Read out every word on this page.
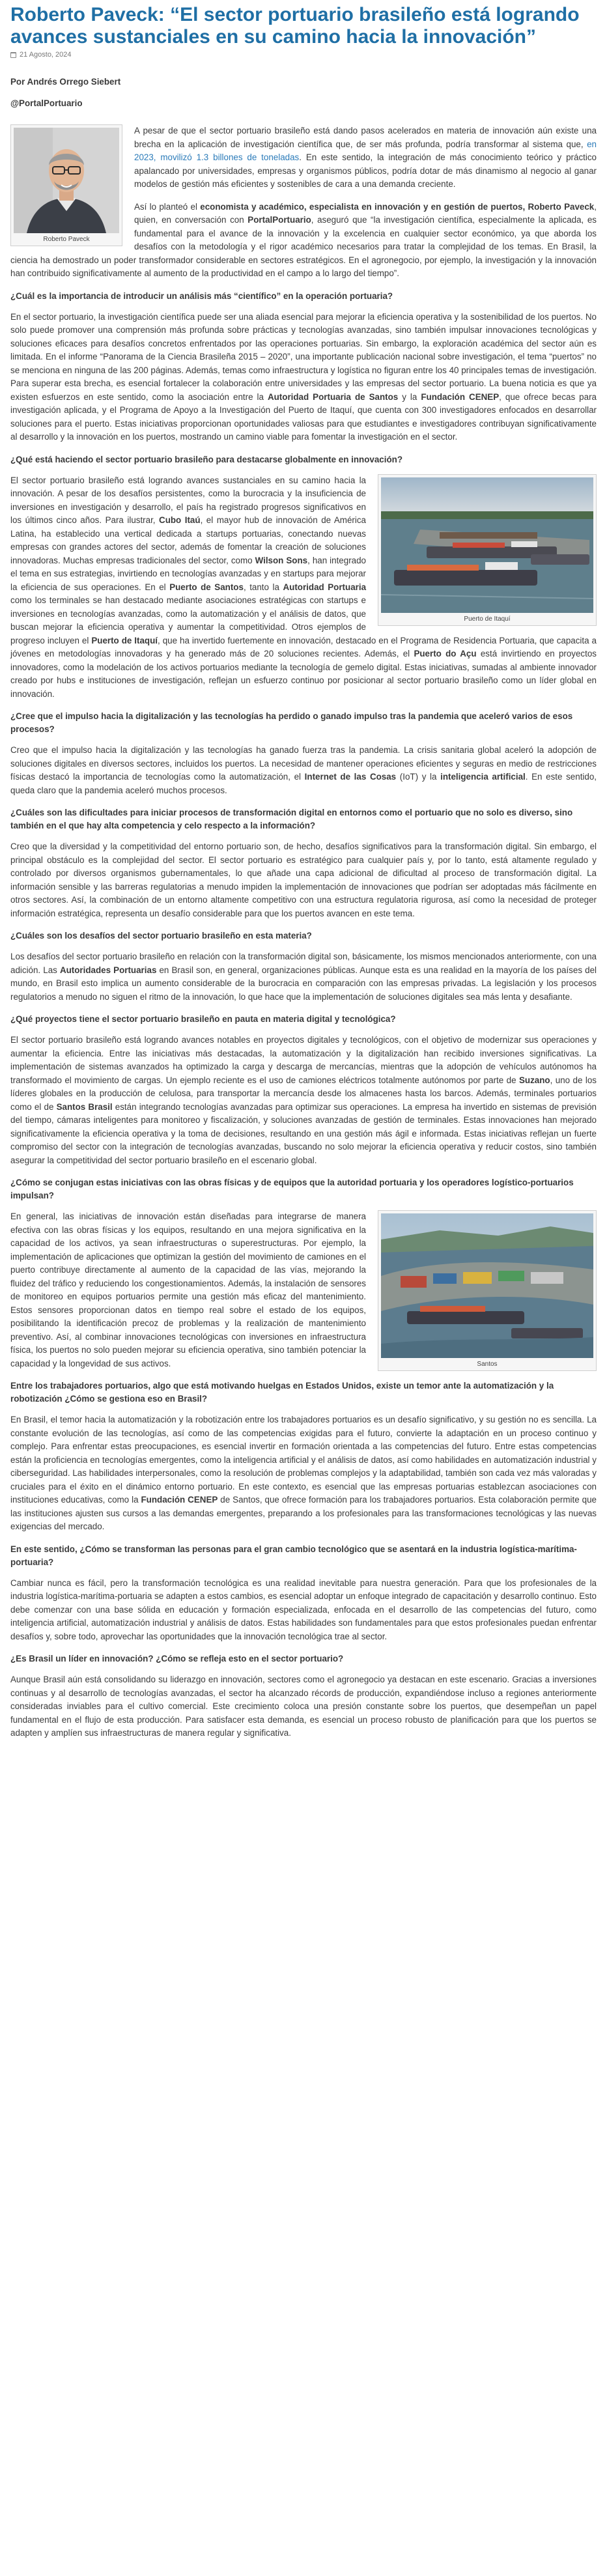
Roberto Paveck: “El sector portuario brasileño está logrando avances sustanciales en su camino hacia la innovación”
21 Agosto, 2024

Por Andrés Orrego Siebert

@PortalPortuario

Roberto Paveck

A pesar de que el sector portuario brasileño está dando pasos acelerados en materia de innovación aún existe una brecha en la aplicación de investigación científica que, de ser más profunda, podría transformar al sistema que, en 2023, movilizó 1.3 billones de toneladas. En este sentido, la integración de más conocimiento teórico y práctico apalancado por universidades, empresas y organismos públicos, podría dotar de más dinamismo al negocio al ganar modelos de gestión más eficientes y sostenibles de cara a una demanda creciente.

Así lo planteó el economista y académico, especialista en innovación y en gestión de puertos, Roberto Paveck, quien, en conversación con PortalPortuario, aseguró que “la investigación científica, especialmente la aplicada, es fundamental para el avance de la innovación y la excelencia en cualquier sector económico, ya que aborda los desafíos con la metodología y el rigor académico necesarios para tratar la complejidad de los temas. En Brasil, la ciencia ha demostrado un poder transformador considerable en sectores estratégicos. En el agronegocio, por ejemplo, la investigación y la innovación han contribuido significativamente al aumento de la productividad en el campo a lo largo del tiempo”.

¿Cuál es la importancia de introducir un análisis más “científico” en la operación portuaria?

En el sector portuario, la investigación científica puede ser una aliada esencial para mejorar la eficiencia operativa y la sostenibilidad de los puertos. No solo puede promover una comprensión más profunda sobre prácticas y tecnologías avanzadas, sino también impulsar innovaciones tecnológicas y soluciones eficaces para desafíos concretos enfrentados por las operaciones portuarias. Sin embargo, la exploración académica del sector aún es limitada. En el informe “Panorama de la Ciencia Brasileña 2015 – 2020”, una importante publicación nacional sobre investigación, el tema “puertos” no se menciona en ninguna de las 200 páginas. Además, temas como infraestructura y logística no figuran entre los 40 principales temas de investigación. Para superar esta brecha, es esencial fortalecer la colaboración entre universidades y las empresas del sector portuario. La buena noticia es que ya existen esfuerzos en este sentido, como la asociación entre la Autoridad Portuaria de Santos y la Fundación CENEP, que ofrece becas para investigación aplicada, y el Programa de Apoyo a la Investigación del Puerto de Itaquí, que cuenta con 300 investigadores enfocados en desarrollar soluciones para el puerto. Estas iniciativas proporcionan oportunidades valiosas para que estudiantes e investigadores contribuyan significativamente al desarrollo y la innovación en los puertos, mostrando un camino viable para fomentar la investigación en el sector.

¿Qué está haciendo el sector portuario brasileño para destacarse globalmente en innovación?
Puerto de Itaquí

El sector portuario brasileño está logrando avances sustanciales en su camino hacia la innovación. A pesar de los desafíos persistentes, como la burocracia y la insuficiencia de inversiones en investigación y desarrollo, el país ha registrado progresos significativos en los últimos cinco años. Para ilustrar, Cubo Itaú, el mayor hub de innovación de América Latina, ha establecido una vertical dedicada a startups portuarias, conectando nuevas empresas con grandes actores del sector, además de fomentar la creación de soluciones innovadoras. Muchas empresas tradicionales del sector, como Wilson Sons, han integrado el tema en sus estrategias, invirtiendo en tecnologías avanzadas y en startups para mejorar la eficiencia de sus operaciones. En el Puerto de Santos, tanto la Autoridad Portuaria como los terminales se han destacado mediante asociaciones estratégicas con startups e inversiones en tecnologías avanzadas, como la automatización y el análisis de datos, que buscan mejorar la eficiencia operativa y aumentar la competitividad. Otros ejemplos de progreso incluyen el Puerto de Itaquí, que ha invertido fuertemente en innovación, destacado en el Programa de Residencia Portuaria, que capacita a jóvenes en metodologías innovadoras y ha generado más de 20 soluciones recientes. Además, el Puerto do Açu está invirtiendo en proyectos innovadores, como la modelación de los activos portuarios mediante la tecnología de gemelo digital. Estas iniciativas, sumadas al ambiente innovador creado por hubs e instituciones de investigación, reflejan un esfuerzo continuo por posicionar al sector portuario brasileño como un líder global en innovación.

¿Cree que el impulso hacia la digitalización y las tecnologías ha perdido o ganado impulso tras la pandemia que aceleró varios de esos procesos?

Creo que el impulso hacia la digitalización y las tecnologías ha ganado fuerza tras la pandemia. La crisis sanitaria global aceleró la adopción de soluciones digitales en diversos sectores, incluidos los puertos. La necesidad de mantener operaciones eficientes y seguras en medio de restricciones físicas destacó la importancia de tecnologías como la automatización, el Internet de las Cosas (IoT) y la inteligencia artificial. En este sentido, queda claro que la pandemia aceleró muchos procesos.

¿Cuáles son las dificultades para iniciar procesos de transformación digital en entornos como el portuario que no solo es diverso, sino también en el que hay alta competencia y celo respecto a la información?

Creo que la diversidad y la competitividad del entorno portuario son, de hecho, desafíos significativos para la transformación digital. Sin embargo, el principal obstáculo es la complejidad del sector. El sector portuario es estratégico para cualquier país y, por lo tanto, está altamente regulado y controlado por diversos organismos gubernamentales, lo que añade una capa adicional de dificultad al proceso de transformación digital. La información sensible y las barreras regulatorias a menudo impiden la implementación de innovaciones que podrían ser adoptadas más fácilmente en otros sectores. Así, la combinación de un entorno altamente competitivo con una estructura regulatoria rigurosa, así como la necesidad de proteger información estratégica, representa un desafío considerable para que los puertos avancen en este tema.

¿Cuáles son los desafíos del sector portuario brasileño en esta materia?

Los desafíos del sector portuario brasileño en relación con la transformación digital son, básicamente, los mismos mencionados anteriormente, con una adición. Las Autoridades Portuarias en Brasil son, en general, organizaciones públicas. Aunque esta es una realidad en la mayoría de los países del mundo, en Brasil esto implica un aumento considerable de la burocracia en comparación con las empresas privadas. La legislación y los procesos regulatorios a menudo no siguen el ritmo de la innovación, lo que hace que la implementación de soluciones digitales sea más lenta y desafiante.

¿Qué proyectos tiene el sector portuario brasileño en pauta en materia digital y tecnológica?

El sector portuario brasileño está logrando avances notables en proyectos digitales y tecnológicos, con el objetivo de modernizar sus operaciones y aumentar la eficiencia. Entre las iniciativas más destacadas, la automatización y la digitalización han recibido inversiones significativas. La implementación de sistemas avanzados ha optimizado la carga y descarga de mercancías, mientras que la adopción de vehículos autónomos ha transformado el movimiento de cargas. Un ejemplo reciente es el uso de camiones eléctricos totalmente autónomos por parte de Suzano, uno de los líderes globales en la producción de celulosa, para transportar la mercancía desde los almacenes hasta los barcos. Además, terminales portuarios como el de Santos Brasil están integrando tecnologías avanzadas para optimizar sus operaciones. La empresa ha invertido en sistemas de previsión del tiempo, cámaras inteligentes para monitoreo y fiscalización, y soluciones avanzadas de gestión de terminales. Estas innovaciones han mejorado significativamente la eficiencia operativa y la toma de decisiones, resultando en una gestión más ágil e informada. Estas iniciativas reflejan un fuerte compromiso del sector con la integración de tecnologías avanzadas, buscando no solo mejorar la eficiencia operativa y reducir costos, sino también asegurar la competitividad del sector portuario brasileño en el escenario global.

¿Cómo se conjugan estas iniciativas con las obras físicas y de equipos que la autoridad portuaria y los operadores logístico-portuarios impulsan?
Santos

En general, las iniciativas de innovación están diseñadas para integrarse de manera efectiva con las obras físicas y los equipos, resultando en una mejora significativa en la capacidad de los activos, ya sean infraestructuras o superestructuras. Por ejemplo, la implementación de aplicaciones que optimizan la gestión del movimiento de camiones en el puerto contribuye directamente al aumento de la capacidad de las vías, mejorando la fluidez del tráfico y reduciendo los congestionamientos. Además, la instalación de sensores de monitoreo en equipos portuarios permite una gestión más eficaz del mantenimiento. Estos sensores proporcionan datos en tiempo real sobre el estado de los equipos, posibilitando la identificación precoz de problemas y la realización de mantenimiento preventivo. Así, al combinar innovaciones tecnológicas con inversiones en infraestructura física, los puertos no solo pueden mejorar su eficiencia operativa, sino también potenciar la capacidad y la longevidad de sus activos.

Entre los trabajadores portuarios, algo que está motivando huelgas en Estados Unidos, existe un temor ante la automatización y la robotización ¿Cómo se gestiona eso en Brasil?

En Brasil, el temor hacia la automatización y la robotización entre los trabajadores portuarios es un desafío significativo, y su gestión no es sencilla. La constante evolución de las tecnologías, así como de las competencias exigidas para el futuro, convierte la adaptación en un proceso continuo y complejo. Para enfrentar estas preocupaciones, es esencial invertir en formación orientada a las competencias del futuro. Entre estas competencias están la proficiencia en tecnologías emergentes, como la inteligencia artificial y el análisis de datos, así como habilidades en automatización industrial y ciberseguridad. Las habilidades interpersonales, como la resolución de problemas complejos y la adaptabilidad, también son cada vez más valoradas y cruciales para el éxito en el dinámico entorno portuario. En este contexto, es esencial que las empresas portuarias establezcan asociaciones con instituciones educativas, como la Fundación CENEP de Santos, que ofrece formación para los trabajadores portuarios. Esta colaboración permite que las instituciones ajusten sus cursos a las demandas emergentes, preparando a los profesionales para las transformaciones tecnológicas y las nuevas exigencias del mercado.

En este sentido, ¿Cómo se transforman las personas para el gran cambio tecnológico que se asentará en la industria logística-marítima-portuaria?

Cambiar nunca es fácil, pero la transformación tecnológica es una realidad inevitable para nuestra generación. Para que los profesionales de la industria logística-marítima-portuaria se adapten a estos cambios, es esencial adoptar un enfoque integrado de capacitación y desarrollo continuo. Esto debe comenzar con una base sólida en educación y formación especializada, enfocada en el desarrollo de las competencias del futuro, como inteligencia artificial, automatización industrial y análisis de datos. Estas habilidades son fundamentales para que estos profesionales puedan enfrentar desafíos y, sobre todo, aprovechar las oportunidades que la innovación tecnológica trae al sector.

¿Es Brasil un líder en innovación? ¿Cómo se refleja esto en el sector portuario?

Aunque Brasil aún está consolidando su liderazgo en innovación, sectores como el agronegocio ya destacan en este escenario. Gracias a inversiones continuas y al desarrollo de tecnologías avanzadas, el sector ha alcanzado récords de producción, expandiéndose incluso a regiones anteriormente consideradas inviables para el cultivo comercial. Este crecimiento coloca una presión constante sobre los puertos, que desempeñan un papel fundamental en el flujo de esta producción. Para satisfacer esta demanda, es esencial un proceso robusto de planificación para que los puertos se adapten y amplíen sus infraestructuras de manera regular y significativa.
